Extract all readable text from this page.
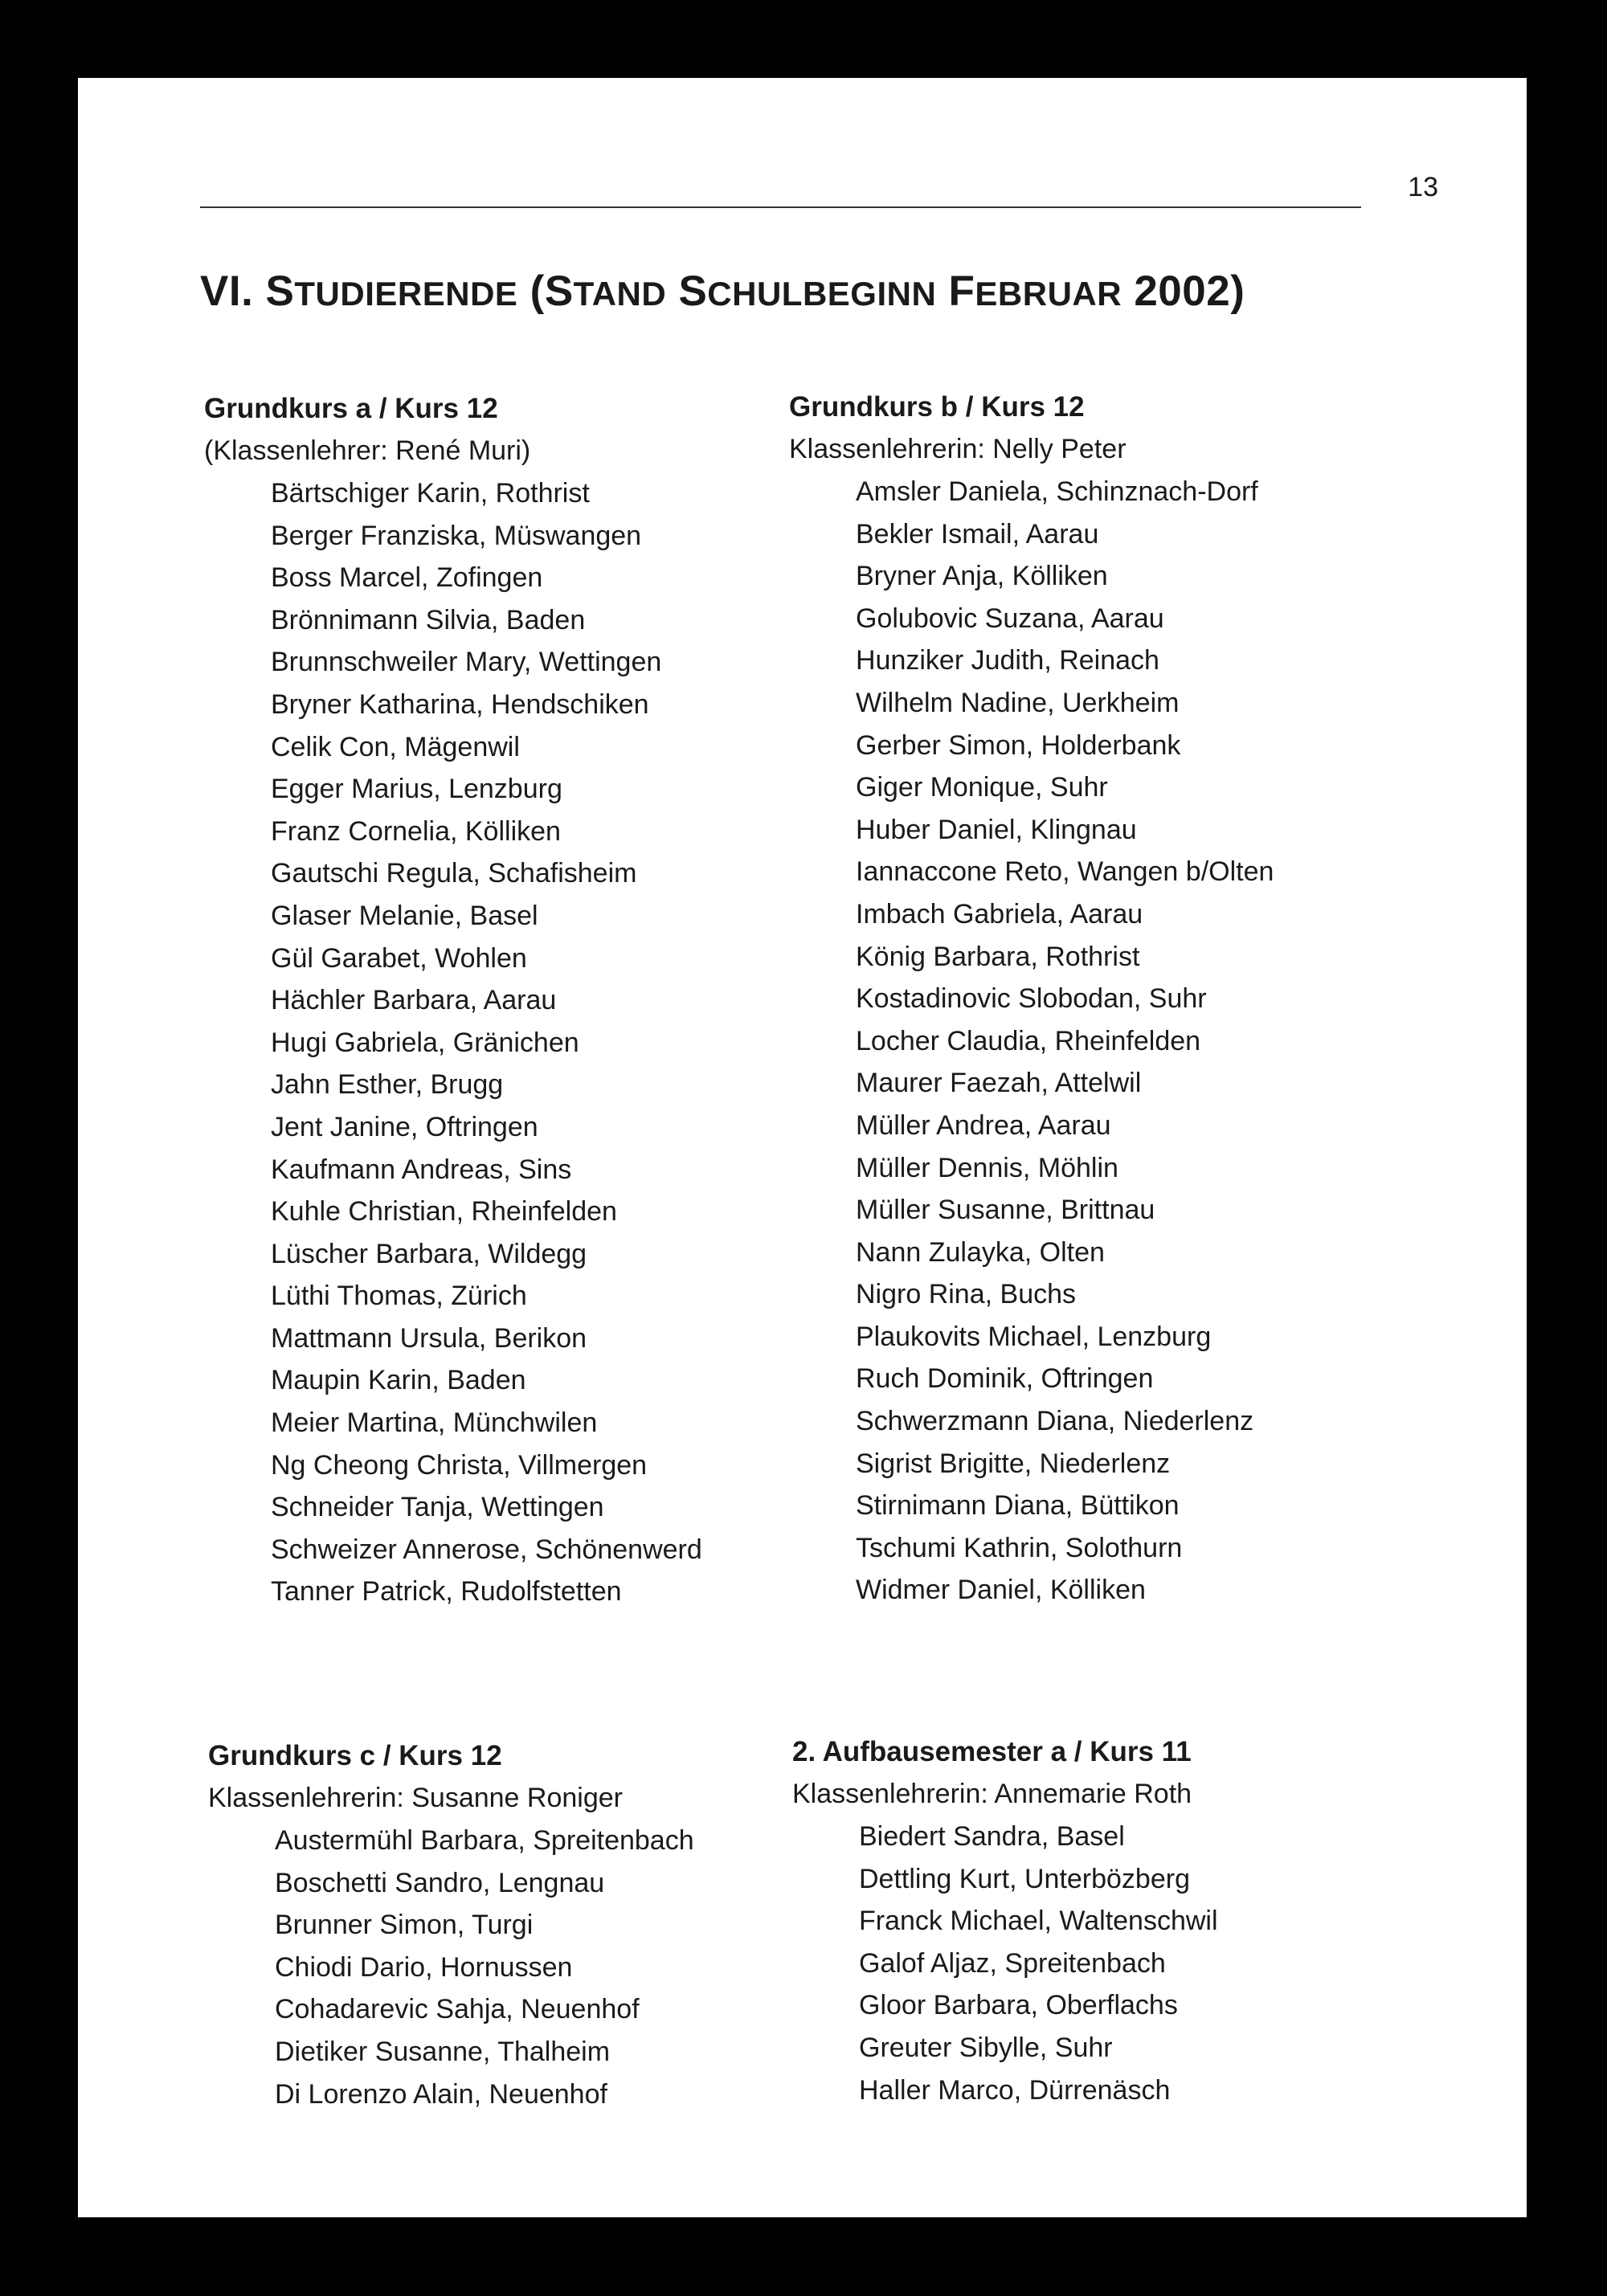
13
VI. STUDIERENDE (STAND SCHULBEGINN FEBRUAR 2002)
Grundkurs a / Kurs 12
(Klassenlehrer: René Muri)
Bärtschiger Karin, Rothrist
Berger Franziska, Müswangen
Boss Marcel, Zofingen
Brönnimann Silvia, Baden
Brunnschweiler Mary, Wettingen
Bryner Katharina, Hendschiken
Celik Con, Mägenwil
Egger Marius, Lenzburg
Franz Cornelia, Kölliken
Gautschi Regula, Schafisheim
Glaser Melanie, Basel
Gül Garabet, Wohlen
Hächler Barbara, Aarau
Hugi Gabriela, Gränichen
Jahn Esther, Brugg
Jent Janine, Oftringen
Kaufmann Andreas, Sins
Kuhle Christian, Rheinfelden
Lüscher Barbara, Wildegg
Lüthi Thomas, Zürich
Mattmann Ursula, Berikon
Maupin Karin, Baden
Meier Martina, Münchwilen
Ng Cheong Christa, Villmergen
Schneider Tanja, Wettingen
Schweizer Annerose, Schönenwerd
Tanner Patrick, Rudolfstetten
Grundkurs b / Kurs 12
Klassenlehrerin: Nelly Peter
Amsler Daniela, Schinznach-Dorf
Bekler Ismail, Aarau
Bryner Anja, Kölliken
Golubovic Suzana, Aarau
Hunziker Judith, Reinach
Wilhelm Nadine, Uerkheim
Gerber Simon, Holderbank
Giger Monique, Suhr
Huber Daniel, Klingnau
Iannaccone Reto, Wangen b/Olten
Imbach Gabriela, Aarau
König Barbara, Rothrist
Kostadinovic Slobodan, Suhr
Locher Claudia, Rheinfelden
Maurer Faezah, Attelwil
Müller Andrea, Aarau
Müller Dennis, Möhlin
Müller Susanne, Brittnau
Nann Zulayka, Olten
Nigro Rina, Buchs
Plaukovits Michael, Lenzburg
Ruch Dominik, Oftringen
Schwerzmann Diana, Niederlenz
Sigrist Brigitte, Niederlenz
Stirnimann Diana, Büttikon
Tschumi Kathrin, Solothurn
Widmer Daniel, Kölliken
Grundkurs c / Kurs 12
Klassenlehrerin: Susanne Roniger
Austermühl Barbara, Spreitenbach
Boschetti Sandro, Lengnau
Brunner Simon, Turgi
Chiodi Dario, Hornussen
Cohadarevic Sahja, Neuenhof
Dietiker Susanne, Thalheim
Di Lorenzo Alain, Neuenhof
2. Aufbausemester a / Kurs 11
Klassenlehrerin: Annemarie Roth
Biedert Sandra, Basel
Dettling Kurt, Unterbözberg
Franck Michael, Waltenschwil
Galof Aljaz, Spreitenbach
Gloor Barbara, Oberflachs
Greuter Sibylle, Suhr
Haller Marco, Dürrenäsch
